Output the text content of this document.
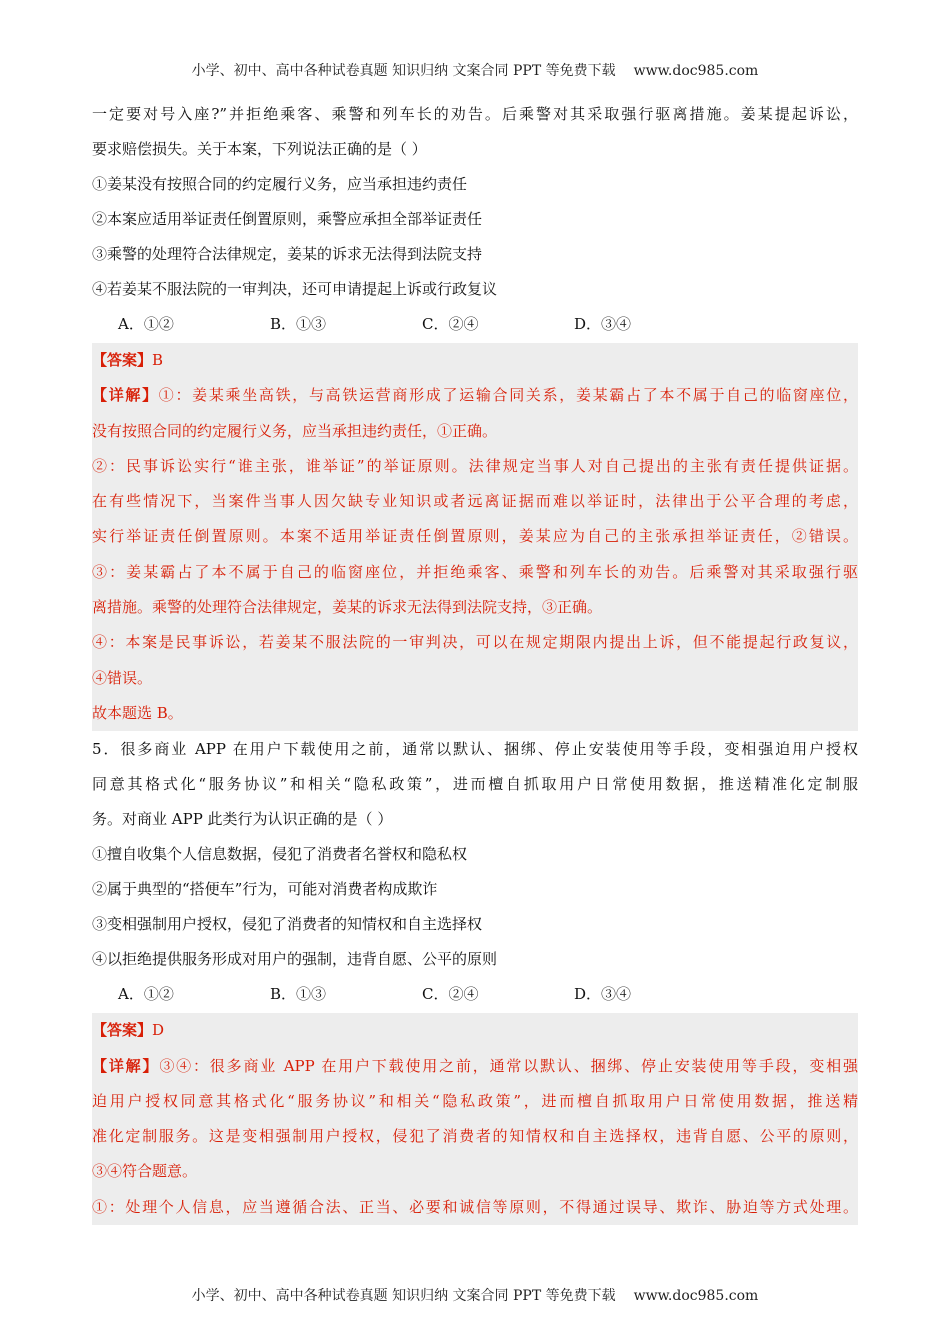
小学、初中、高中各种试卷真题 知识归纳 文案合同 PPT 等免费下载 www.doc985.com
一定要对号入座?”并拒绝乘客、乘警和列车长的劝告。后乘警对其采取强行驱离措施。姜某提起诉讼，
要求赔偿损失。关于本案，下列说法正确的是（ ）
①姜某没有按照合同的约定履行义务，应当承担违约责任
②本案应适用举证责任倒置原则，乘警应承担全部举证责任
③乘警的处理符合法律规定，姜某的诉求无法得到法院支持
④若姜某不服法院的一审判决，还可申请提起上诉或行政复议
A．①②	B．①③	C．②④	D．③④
【答案】B
【详解】①：姜某乘坐高铁，与高铁运营商形成了运输合同关系，姜某霸占了本不属于自己的临窗座位，
没有按照合同的约定履行义务，应当承担违约责任，①正确。
②：民事诉讼实行“谁主张，谁举证”的举证原则。法律规定当事人对自己提出的主张有责任提供证据。
在有些情况下，当案件当事人因欠缺专业知识或者远离证据而难以举证时，法律出于公平合理的考虑，
实行举证责任倒置原则。本案不适用举证责任倒置原则，姜某应为自己的主张承担举证责任，②错误。
③：姜某霸占了本不属于自己的临窗座位，并拒绝乘客、乘警和列车长的劝告。后乘警对其采取强行驱
离措施。乘警的处理符合法律规定，姜某的诉求无法得到法院支持，③正确。
④：本案是民事诉讼，若姜某不服法院的一审判决，可以在规定期限内提出上诉，但不能提起行政复议，
④错误。
故本题选 B。
5．很多商业 APP 在用户下载使用之前，通常以默认、捆绑、停止安装使用等手段，变相强迫用户授权
同意其格式化“服务协议”和相关“隐私政策”，进而檀自抓取用户日常使用数据，推送精准化定制服
务。对商业 APP 此类行为认识正确的是（ ）
①擅自收集个人信息数据，侵犯了消费者名誉权和隐私权
②属于典型的“搭便车”行为，可能对消费者构成欺诈
③变相强制用户授权，侵犯了消费者的知情权和自主选择权
④以拒绝提供服务形成对用户的强制，违背自愿、公平的原则
A．①②	B．①③	C．②④	D．③④
【答案】D
【详解】③④：很多商业 APP 在用户下载使用之前，通常以默认、捆绑、停止安装使用等手段，变相强
迫用户授权同意其格式化“服务协议”和相关“隐私政策”，进而檀自抓取用户日常使用数据，推送精
准化定制服务。这是变相强制用户授权，侵犯了消费者的知情权和自主选择权，违背自愿、公平的原则，
③④符合题意。
①：处理个人信息，应当遵循合法、正当、必要和诚信等原则，不得通过误导、欺诈、胁迫等方式处理。
小学、初中、高中各种试卷真题 知识归纳 文案合同 PPT 等免费下载 www.doc985.com
